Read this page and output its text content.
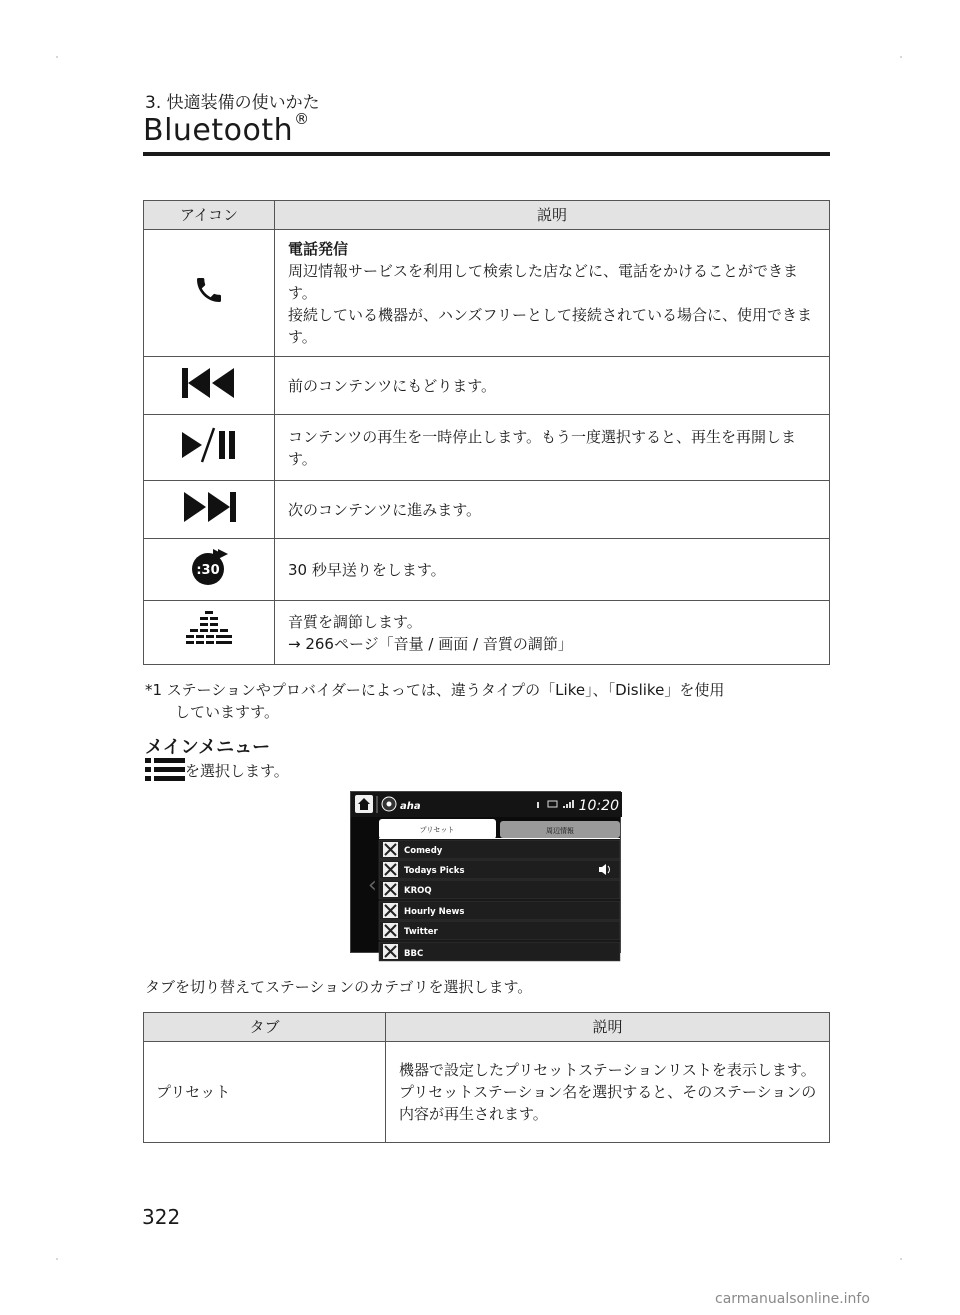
3. 快適装備の使いかた
Bluetooth®
アイコン	説明

電話発信
周辺情報サービスを利用して検索した店などに、電話をかけることができます。
接続している機器が、ハンズフリーとして接続されている場合に、使用できます。

前のコンテンツにもどります。

コンテンツの再生を一時停止します。もう一度選択すると、再生を再開します。

次のコンテンツに進みます。

:30	30 秒早送りをします。

音質を調節します。
→ 266ページ「音量 / 画面 / 音質の調節」
*1 ステーションやプロバイダーによっては、違うタイプの「Like」、「Dislike」を使用
していますす。
メインメニュー
を選択します。
aha	10:20
‹
プリセット	周辺情報
Comedy
Todays Picks
KROQ
Hourly News
Twitter
BBC
タブを切り替えてステーションのカテゴリを選択します。
タブ	説明
プリセット	機器で設定したプリセットステーションリストを表示します。
プリセットステーション名を選択すると、そのステーションの内容が再生されます。
322
carmanualsonline.info
